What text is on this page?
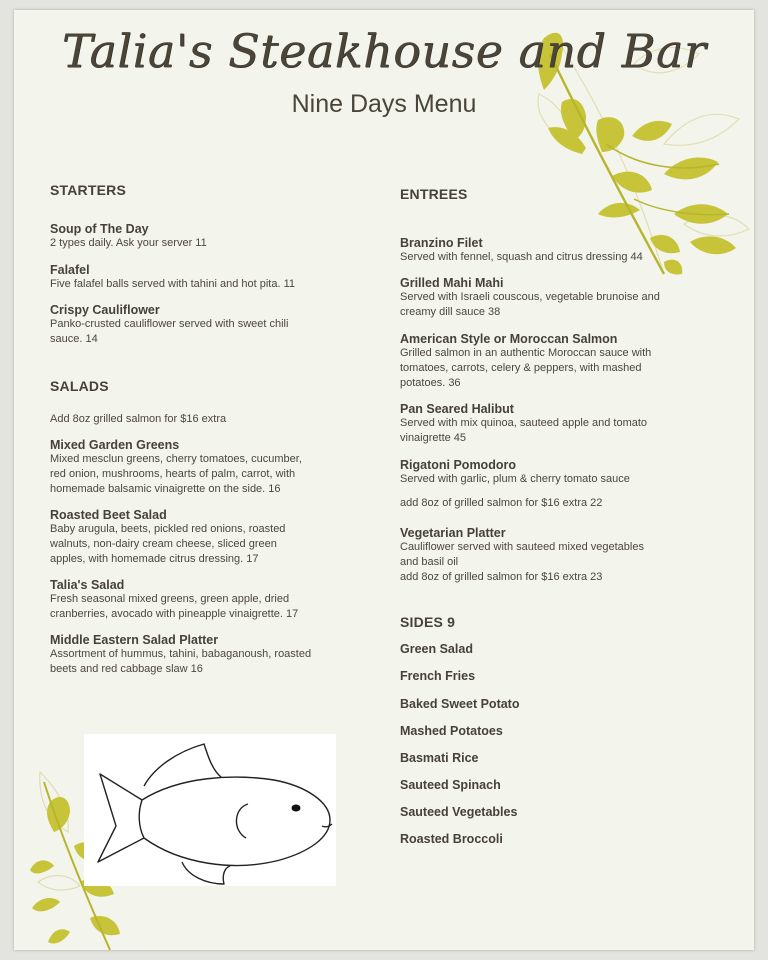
Talia's Steakhouse and Bar
Nine Days Menu
STARTERS
Soup of The Day
2 types daily. Ask your server 11
Falafel
Five falafel balls served with tahini and hot pita. 11
Crispy Cauliflower
Panko-crusted cauliflower served with sweet chili
sauce. 14
SALADS
Add 8oz grilled salmon for $16 extra
Mixed Garden Greens
Mixed mesclun greens, cherry tomatoes, cucumber,
red onion, mushrooms, hearts of palm, carrot, with
homemade balsamic vinaigrette on the side. 16
Roasted Beet Salad
Baby arugula, beets, pickled red onions, roasted
walnuts, non-dairy cream cheese, sliced green
apples, with homemade citrus dressing. 17
Talia's Salad
Fresh seasonal mixed greens, green apple, dried
cranberries, avocado with pineapple vinaigrette. 17
Middle Eastern Salad Platter
Assortment of hummus, tahini, babaganoush, roasted
beets and red cabbage slaw 16
ENTREES
Branzino Filet
Served with fennel, squash and citrus dressing 44
Grilled Mahi Mahi
Served with Israeli couscous, vegetable brunoise and
creamy dill sauce 38
American Style or Moroccan Salmon
Grilled salmon in an authentic Moroccan sauce with
tomatoes, carrots, celery & peppers, with mashed
potatoes. 36
Pan Seared Halibut
Served with mix quinoa, sauteed apple and tomato
vinaigrette 45
Rigatoni Pomodoro
Served with garlic, plum & cherry tomato sauce
add 8oz of grilled salmon for $16 extra 22
Vegetarian Platter
Cauliflower served with sauteed mixed vegetables
and basil oil
add 8oz of grilled salmon for $16 extra 23
SIDES 9
Green Salad
French Fries
Baked Sweet Potato
Mashed Potatoes
Basmati Rice
Sauteed Spinach
Sauteed Vegetables
Roasted Broccoli
